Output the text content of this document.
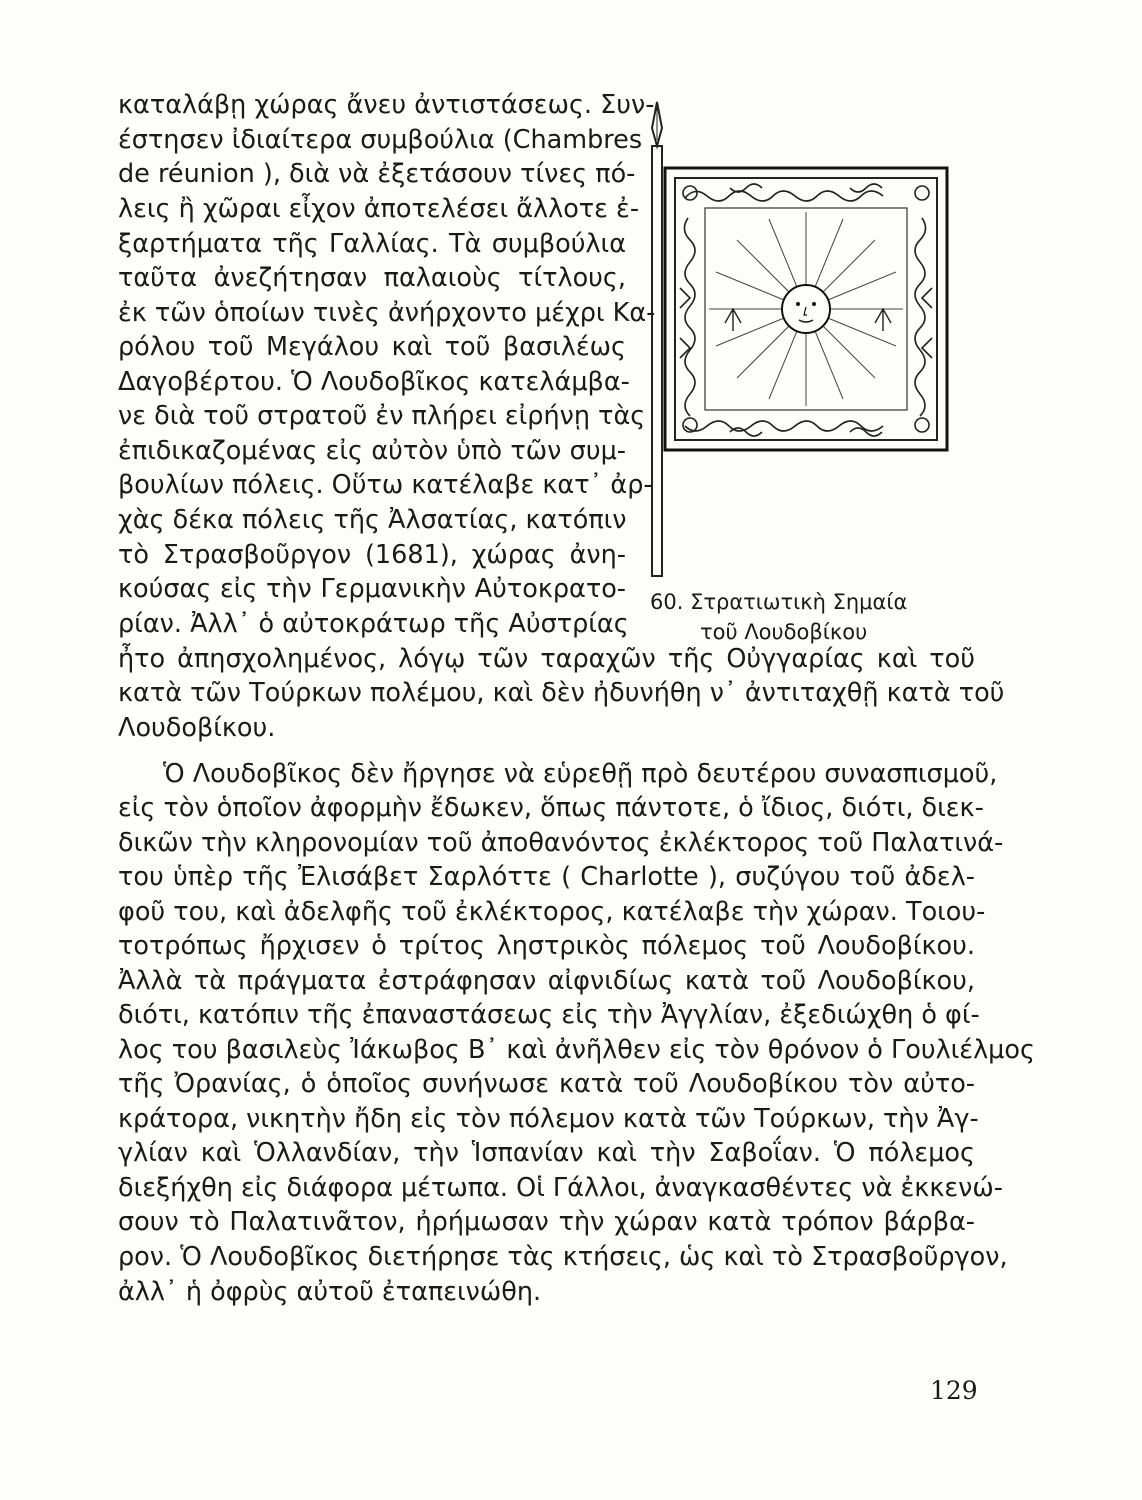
καταλάβῃ χώρας ἄνευ ἀντιστάσεως. Συν-
έστησεν ἰδιαίτερα συμβούλια (Chambres
de réunion ), διὰ νὰ ἐξετάσουν τίνες πό-
λεις ἢ χῶραι εἶχον ἀποτελέσει ἄλλοτε ἐ-
ξαρτήματα τῆς Γαλλίας. Τὰ συμβούλια
ταῦτα ἀνεζήτησαν παλαιοὺς τίτλους,
ἐκ τῶν ὁποίων τινὲς ἀνήρχοντο μέχρι Κα-
ρόλου τοῦ Μεγάλου καὶ τοῦ βασιλέως
Δαγοβέρτου. Ὁ Λουδοβῖκος κατελάμβα-
νε διὰ τοῦ στρατοῦ ἐν πλήρει εἰρήνῃ τὰς
ἐπιδικαζομένας εἰς αὐτὸν ὑπὸ τῶν συμ-
βουλίων πόλεις. Οὕτω κατέλαβε κατ᾽ ἀρ-
χὰς δέκα πόλεις τῆς Ἀλσατίας, κατόπιν
τὸ Στρασβοῦργον (1681), χώρας ἀνη-
κούσας εἰς τὴν Γερμανικὴν Αὐτοκρατο-
ρίαν. Ἀλλ᾽ ὁ αὐτοκράτωρ τῆς Αὐστρίας
ἦτο ἀπησχολημένος, λόγῳ τῶν ταραχῶν τῆς Οὐγγαρίας καὶ τοῦ
κατὰ τῶν Τούρκων πολέμου, καὶ δὲν ἠδυνήθη ν᾽ ἀντιταχθῇ κατὰ τοῦ
Λουδοβίκου.
Ὁ Λουδοβῖκος δὲν ἤργησε νὰ εὑρεθῇ πρὸ δευτέρου συνασπισμοῦ,
εἰς τὸν ὁποῖον ἀφορμὴν ἔδωκεν, ὅπως πάντοτε, ὁ ἴδιος, διότι, διεκ-
δικῶν τὴν κληρονομίαν τοῦ ἀποθανόντος ἐκλέκτορος τοῦ Παλατινά-
του ὑπὲρ τῆς Ἐλισάβετ Σαρλόττε ( Charlotte ), συζύγου τοῦ ἀδελ-
φοῦ του, καὶ ἀδελφῆς τοῦ ἐκλέκτορος, κατέλαβε τὴν χώραν. Τοιου-
τοτρόπως ἤρχισεν ὁ τρίτος ληστρικὸς πόλεμος τοῦ Λουδοβίκου.
Ἀλλὰ τὰ πράγματα ἐστράφησαν αἰφνιδίως κατὰ τοῦ Λουδοβίκου,
διότι, κατόπιν τῆς ἐπαναστάσεως εἰς τὴν Ἀγγλίαν, ἐξεδιώχθη ὁ φί-
λος του βασιλεὺς Ἰάκωβος Β᾽ καὶ ἀνῆλθεν εἰς τὸν θρόνον ὁ Γουλιέλμος
τῆς Ὀρανίας, ὁ ὁποῖος συνήνωσε κατὰ τοῦ Λουδοβίκου τὸν αὐτο-
κράτορα, νικητὴν ἤδη εἰς τὸν πόλεμον κατὰ τῶν Τούρκων, τὴν Ἀγ-
γλίαν καὶ Ὁλλανδίαν, τὴν Ἱσπανίαν καὶ τὴν Σαβοΐαν. Ὁ πόλεμος
διεξήχθη εἰς διάφορα μέτωπα. Οἱ Γάλλοι, ἀναγκασθέντες νὰ ἐκκενώ-
σουν τὸ Παλατινᾶτον, ἠρήμωσαν τὴν χώραν κατὰ τρόπον βάρβα-
ρον. Ὁ Λουδοβῖκος διετήρησε τὰς κτήσεις, ὡς καὶ τὸ Στρασβοῦργον,
ἀλλ᾽ ἡ ὀφρὺς αὐτοῦ ἐταπεινώθη.
60. Στρατιωτικὴ Σημαία
τοῦ Λουδοβίκου
129
